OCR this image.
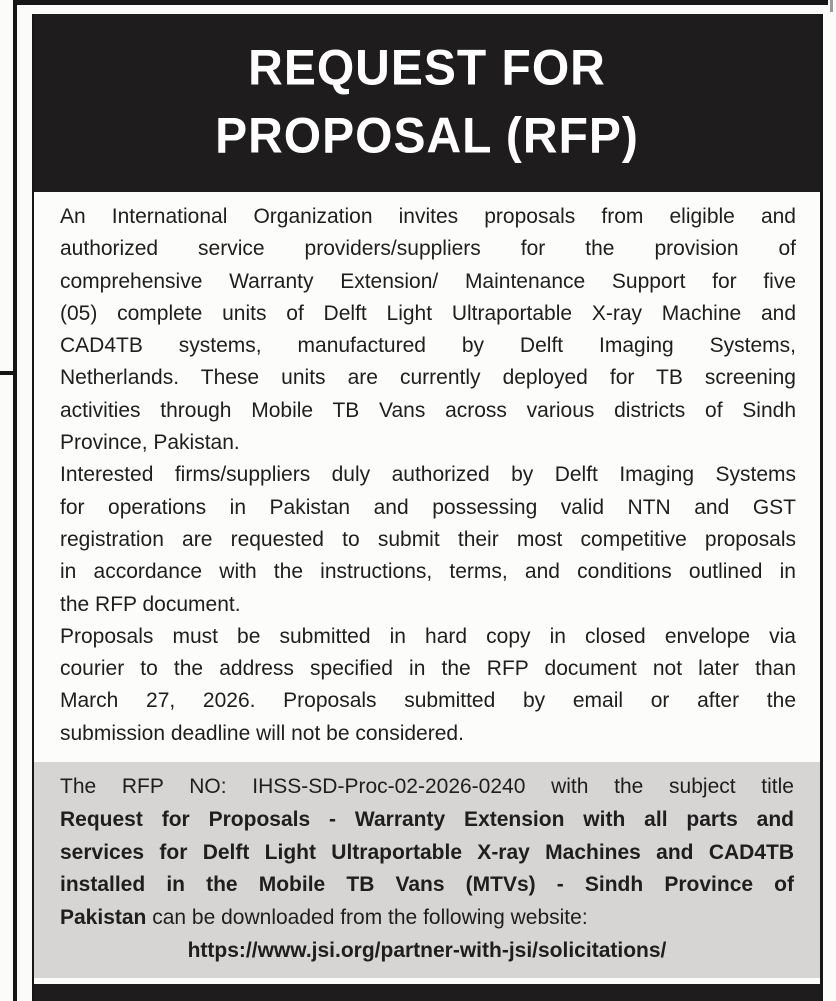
REQUEST FOR
PROPOSAL (RFP)
An International Organization invites proposals from eligible and
authorized service providers/suppliers for the provision of
comprehensive Warranty Extension/ Maintenance Support for five
(05) complete units of Delft Light Ultraportable X-ray Machine and
CAD4TB systems, manufactured by Delft Imaging Systems,
Netherlands. These units are currently deployed for TB screening
activities through Mobile TB Vans across various districts of Sindh
Province, Pakistan.
Interested firms/suppliers duly authorized by Delft Imaging Systems
for operations in Pakistan and possessing valid NTN and GST
registration are requested to submit their most competitive proposals
in accordance with the instructions, terms, and conditions outlined in
the RFP document.
Proposals must be submitted in hard copy in closed envelope via
courier to the address specified in the RFP document not later than
March 27, 2026. Proposals submitted by email or after the
submission deadline will not be considered.
The RFP NO: IHSS-SD-Proc-02-2026-0240 with the subject title
Request for Proposals - Warranty Extension with all parts and
services for Delft Light Ultraportable X-ray Machines and CAD4TB
installed in the Mobile TB Vans (MTVs) - Sindh Province of
Pakistan can be downloaded from the following website:
https://www.jsi.org/partner-with-jsi/solicitations/
